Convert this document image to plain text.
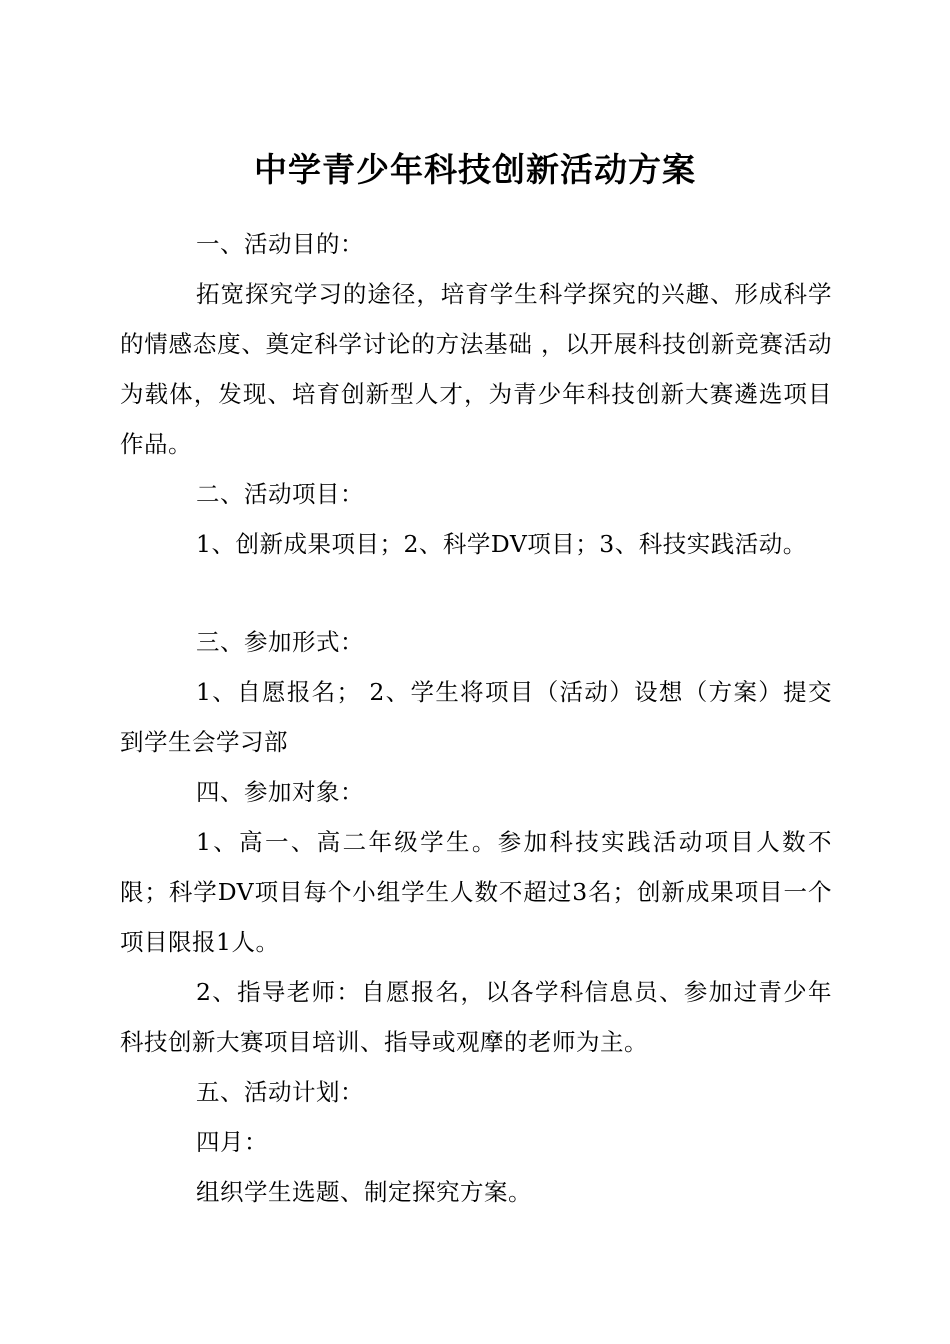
中学青少年科技创新活动方案

一、活动目的：

拓宽探究学习的途径，培育学生科学探究的兴趣、形成科学的情感态度、奠定科学讨论的方法基础 ，以开展科技创新竞赛活动为载体，发现、培育创新型人才，为青少年科技创新大赛遴选项目作品。

二、活动项目：

1、创新成果项目；2、科学DV项目；3、科技实践活动。

三、参加形式：

1、自愿报名； 2、学生将项目（活动）设想（方案）提交到学生会学习部

四、参加对象：

1、高一、高二年级学生。参加科技实践活动项目人数不限；科学DV项目每个小组学生人数不超过3名；创新成果项目一个项目限报1人。

2、指导老师：自愿报名，以各学科信息员、参加过青少年科技创新大赛项目培训、指导或观摩的老师为主。

五、活动计划：

四月：

组织学生选题、制定探究方案。
